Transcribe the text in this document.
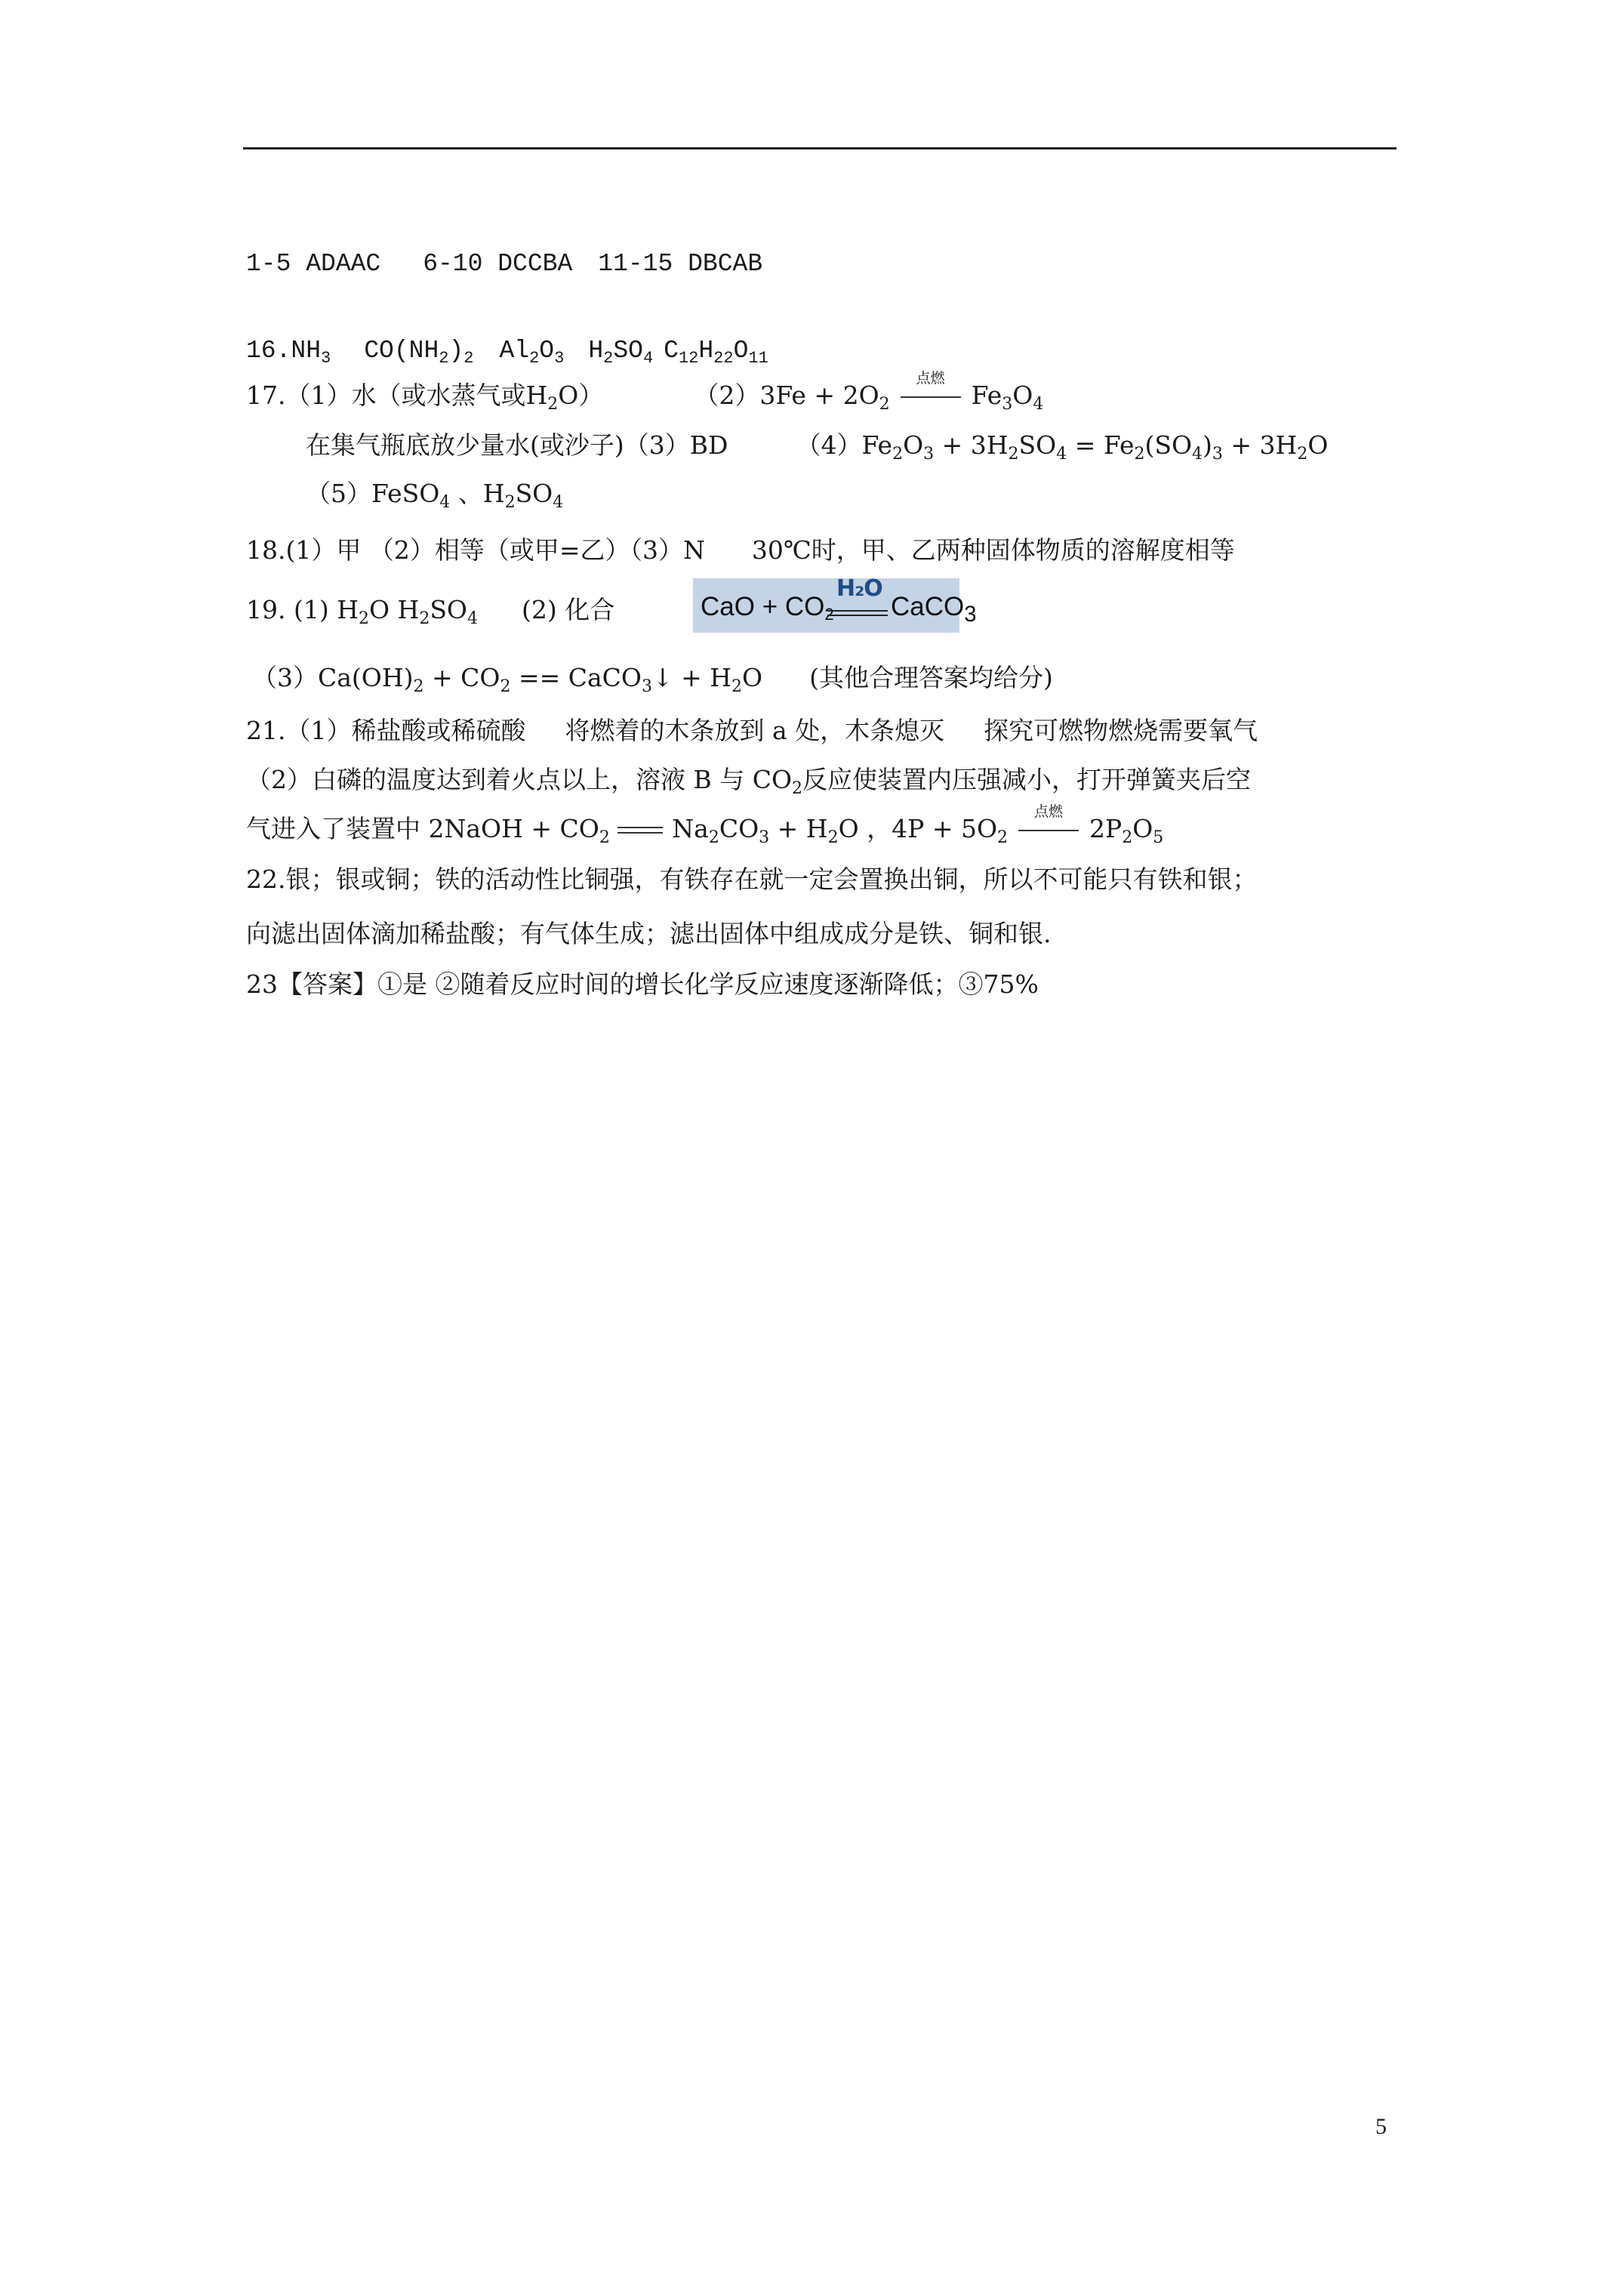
1-5 ADAAC 6-10 DCCBA 11-15 DBCAB
$16.NH_3$ $CO(NH_2)_2$ $Al_2O_3$ $H_2SO_4$ $C_{12}H_{22}O_{11}$
17.（1）水（或水蒸气或$H_2O$）	$(2)3Fe + 2O_2$
点燃
$Fe_3O_4$
在集气瓶底放少量水(或沙子)（3）BD	$(4)Fe_2O_3 + 3H_2SO_4 = Fe_2(SO_4)_3 + 3H_2O$
（5）FeSO$_4$ 、$H_2SO_4$
18.(1）甲 （2）相等（或甲=乙）（3）N 30℃时，甲、乙两种固体物质的溶解度相等
19. (1) $H_2O$ $H_2SO_4$ (2) 化合	CaO + $CO_2$
H₂O
CaCO$_3$
$(3)Ca(OH)_2 + CO_2$ == CaCO$_3$↓ + $H_2O$ (其他合理答案均给分)
21.（1）稀盐酸或稀硫酸 将燃着的木条放到 a 处，木条熄灭 探究可燃物燃烧需要氧气
（2）白磷的温度达到着火点以上，溶液 B 与 $CO_2$反应使装置内压强减小，打开弹簧夹后空
气进入了装置中 2NaOH + $CO_2$ $Na_2CO_3 + H_2O$ ，$4P + 5O_2$
点燃
$2P_2O_5$
22.银；银或铜；铁的活动性比铜强，有铁存在就一定会置换出铜，所以不可能只有铁和银；
向滤出固体滴加稀盐酸；有气体生成；滤出固体中组成成分是铁、铜和银.
23【答案】①是 ②随着反应时间的增长化学反应速度逐渐降低；③75%
5
